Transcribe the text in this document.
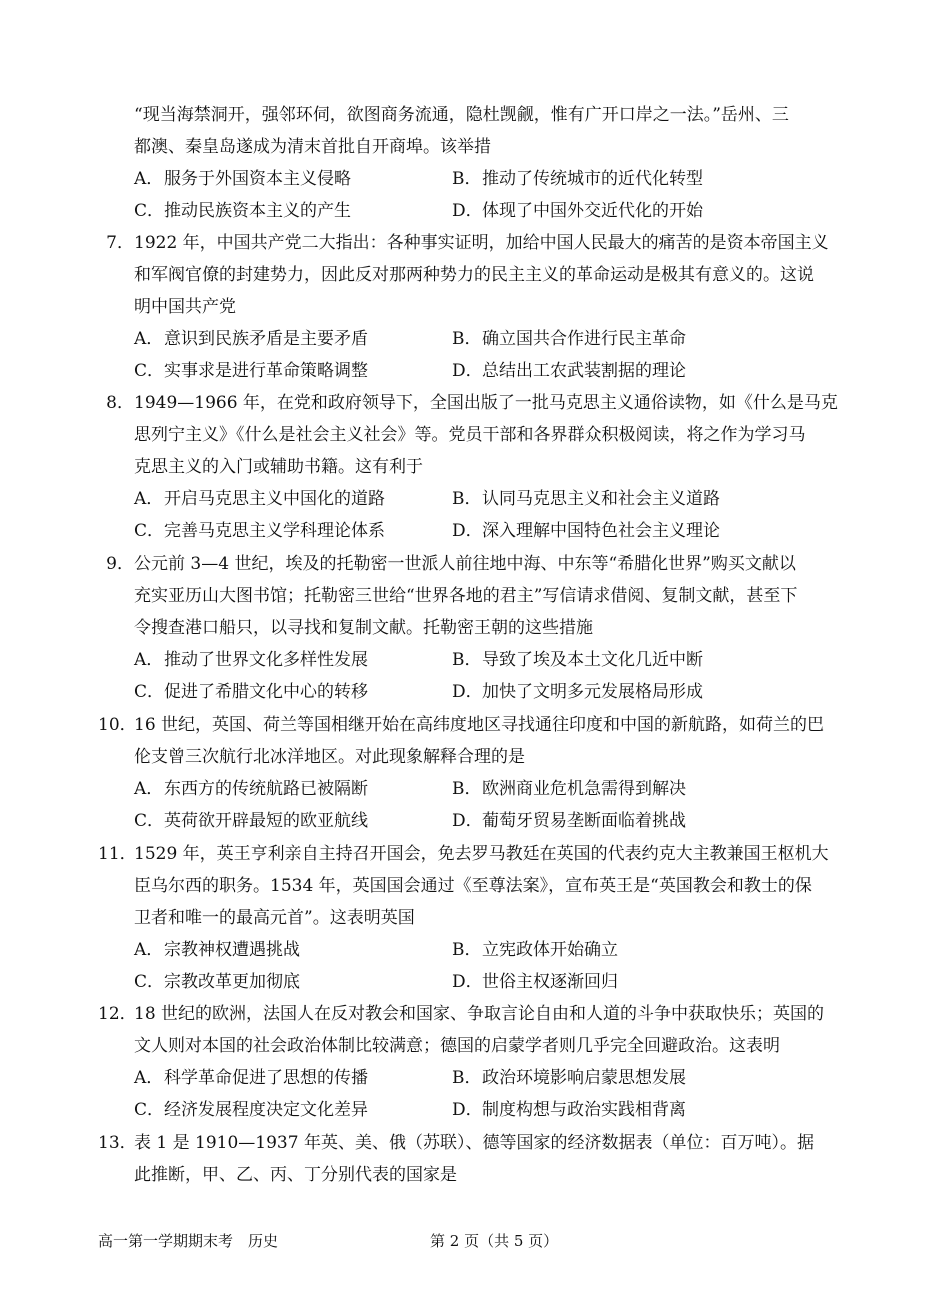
“现当海禁洞开，强邻环伺，欲图商务流通，隐杜觊觎，惟有广开口岸之一法。”岳州、三
都澳、秦皇岛遂成为清末首批自开商埠。该举措
A．服务于外国资本主义侵略	B．推动了传统城市的近代化转型
C．推动民族资本主义的产生	D．体现了中国外交近代化的开始
7． 1922 年，中国共产党二大指出：各种事实证明，加给中国人民最大的痛苦的是资本帝国主义
和军阀官僚的封建势力，因此反对那两种势力的民主主义的革命运动是极其有意义的。这说
明中国共产党
A．意识到民族矛盾是主要矛盾	B．确立国共合作进行民主革命
C．实事求是进行革命策略调整	D．总结出工农武装割据的理论
8． 1949—1966 年，在党和政府领导下，全国出版了一批马克思主义通俗读物，如《什么是马克
思列宁主义》《什么是社会主义社会》等。党员干部和各界群众积极阅读，将之作为学习马
克思主义的入门或辅助书籍。这有利于
A．开启马克思主义中国化的道路	B．认同马克思主义和社会主义道路
C．完善马克思主义学科理论体系	D．深入理解中国特色社会主义理论
9． 公元前 3—4 世纪，埃及的托勒密一世派人前往地中海、中东等“希腊化世界”购买文献以
充实亚历山大图书馆；托勒密三世给“世界各地的君主”写信请求借阅、复制文献，甚至下
令搜查港口船只，以寻找和复制文献。托勒密王朝的这些措施
A．推动了世界文化多样性发展	B．导致了埃及本土文化几近中断
C．促进了希腊文化中心的转移	D．加快了文明多元发展格局形成
10．
16 世纪，英国、荷兰等国相继开始在高纬度地区寻找通往印度和中国的新航路，如荷兰的巴
伦支曾三次航行北冰洋地区。对此现象解释合理的是
A．东西方的传统航路已被隔断	B．欧洲商业危机急需得到解决
C．英荷欲开辟最短的欧亚航线	D．葡萄牙贸易垄断面临着挑战
11．
1529 年，英王亨利亲自主持召开国会，免去罗马教廷在英国的代表约克大主教兼国王枢机大
臣乌尔西的职务。1534 年，英国国会通过《至尊法案》，宣布英王是“英国教会和教士的保
卫者和唯一的最高元首”。这表明英国
A．宗教神权遭遇挑战	B．立宪政体开始确立
C．宗教改革更加彻底	D．世俗主权逐渐回归
12．
18 世纪的欧洲，法国人在反对教会和国家、争取言论自由和人道的斗争中获取快乐；英国的
文人则对本国的社会政治体制比较满意；德国的启蒙学者则几乎完全回避政治。这表明
A．科学革命促进了思想的传播	B．政治环境影响启蒙思想发展
C．经济发展程度决定文化差异	D．制度构想与政治实践相背离
13．
表 1 是 1910—1937 年英、美、俄（苏联）、德等国家的经济数据表（单位：百万吨）。据
此推断，甲、乙、丙、丁分别代表的国家是
高一第一学期期末考　历史	第 2 页（共 5 页）
